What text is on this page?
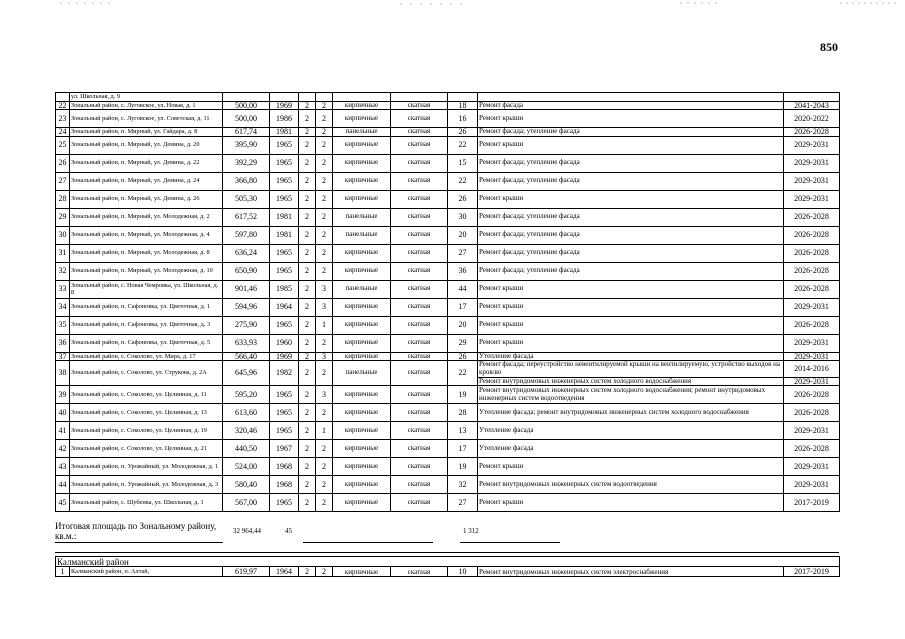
850
	ул. Школьная, д. 9									
22	Зональный район, с. Луговское, ул. Новая, д. 1	500,00	1969	2	2	кирпичные	скатная	18	Ремонт фасада	2041-2043
23	Зональный район, с. Луговское, ул. Советская, д. 11	500,00	1986	2	2	кирпичные	скатная	16	Ремонт крыши	2020-2022
24	Зональный район, п. Мирный, ул. Гайдара, д. 8	617,74	1981	2	2	панельные	скатная	26	Ремонт фасада; утепление фасада	2026-2028
25	Зональный район, п. Мирный, ул. Демина, д. 20	395,90	1965	2	2	кирпичные	скатная	22	Ремонт крыши	2029-2031
26	Зональный район, п. Мирный, ул. Демина, д. 22	392,29	1965	2	2	кирпичные	скатная	15	Ремонт фасада; утепление фасада	2029-2031
27	Зональный район, п. Мирный, ул. Демина, д. 24	366,80	1965	2	2	кирпичные	скатная	22	Ремонт фасада; утепление фасада	2029-2031
28	Зональный район, п. Мирный, ул. Демина, д. 26	505,30	1965	2	2	кирпичные	скатная	26	Ремонт крыши	2029-2031
29	Зональный район, п. Мирный, ул. Молодежная, д. 2	617,52	1981	2	2	панельные	скатная	30	Ремонт фасада; утепление фасада	2026-2028
30	Зональный район, п. Мирный, ул. Молодежная, д. 4	597,80	1981	2	2	панельные	скатная	20	Ремонт фасада; утепление фасада	2026-2028
31	Зональный район, п. Мирный, ул. Молодежная, д. 8	636,24	1965	2	2	кирпичные	скатная	27	Ремонт фасада; утепление фасада	2026-2028
32	Зональный район, п. Мирный, ул. Молодежная, д. 10	650,90	1965	2	2	кирпичные	скатная	36	Ремонт фасада; утепление фасада	2026-2028
33	Зональный район, с. Новая Чемровка, ул. Школьная, д. 8	901,46	1985	2	3	панельные	скатная	44	Ремонт крыши	2026-2028
34	Зональный район, п. Сафоновка, ул. Цветочная, д. 1	594,96	1964	2	3	кирпичные	скатная	17	Ремонт крыши	2029-2031
35	Зональный район, п. Сафоновка, ул. Цветочная, д. 3	275,90	1965	2	1	кирпичные	скатная	20	Ремонт крыши	2026-2028
36	Зональный район, п. Сафоновка, ул. Цветочная, д. 5	633,93	1960	2	2	кирпичные	скатная	29	Ремонт крыши	2029-2031
37	Зональный район, с. Соколово, ул. Мира, д. 17	566,40	1969	2	3	кирпичные	скатная	26	Утепление фасада	2029-2031
38	Зональный район, с. Соколово, ул. Струкова, д. 2А	645,96	1982	2	2	панельные	скатная	22	Ремонт фасада; переустройство невентилируемой крыши на вентилируемую, устройство выходов на кровлю	2014-2016
									Ремонт внутридомовых инженерных систем холодного водоснабжения	2029-2031
39	Зональный район, с. Соколово, ул. Целинная, д. 11	595,20	1965	2	3	кирпичные	скатная	19	Ремонт внутридомовых инженерных систем холодного водоснабжения; ремонт внутридомовых инженерных систем водоотведения	2026-2028
40	Зональный район, с. Соколово, ул. Целинная, д. 13	613,60	1965	2	2	кирпичные	скатная	28	Утепление фасада; ремонт внутридомовых инженерных систем холодного водоснабжения	2026-2028
41	Зональный район, с. Соколово, ул. Целинная, д. 19	320,46	1965	2	1	кирпичные	скатная	13	Утепление фасада	2029-2031
42	Зональный район, с. Соколово, ул. Целинная, д. 21	440,50	1967	2	2	кирпичные	скатная	17	Утепление фасада	2026-2028
43	Зональный район, п. Урожайный, ул. Молодежная, д. 1	524,00	1968	2	2	кирпичные	скатная	19	Ремонт крыши	2029-2031
44	Зональный район, п. Урожайный, ул. Молодежная, д. 3	580,40	1968	2	2	кирпичные	скатная	32	Ремонт внутридомовых инженерных систем водоотведения	2029-2031
45	Зональный район, с. Шубенка, ул. Школьная, д. 1	567,00	1965	2	2	кирпичные	скатная	27	Ремонт крыши	2017-2019
Итоговая площадь по Зональному району, кв.м.:	32 964,44	45	1 312
Калманский район
1	Калманский район, п. Алтай,	619,97	1964	2	2	кирпичные	скатная	10	Ремонт внутридомовых инженерных систем электроснабжения	2017-2019
